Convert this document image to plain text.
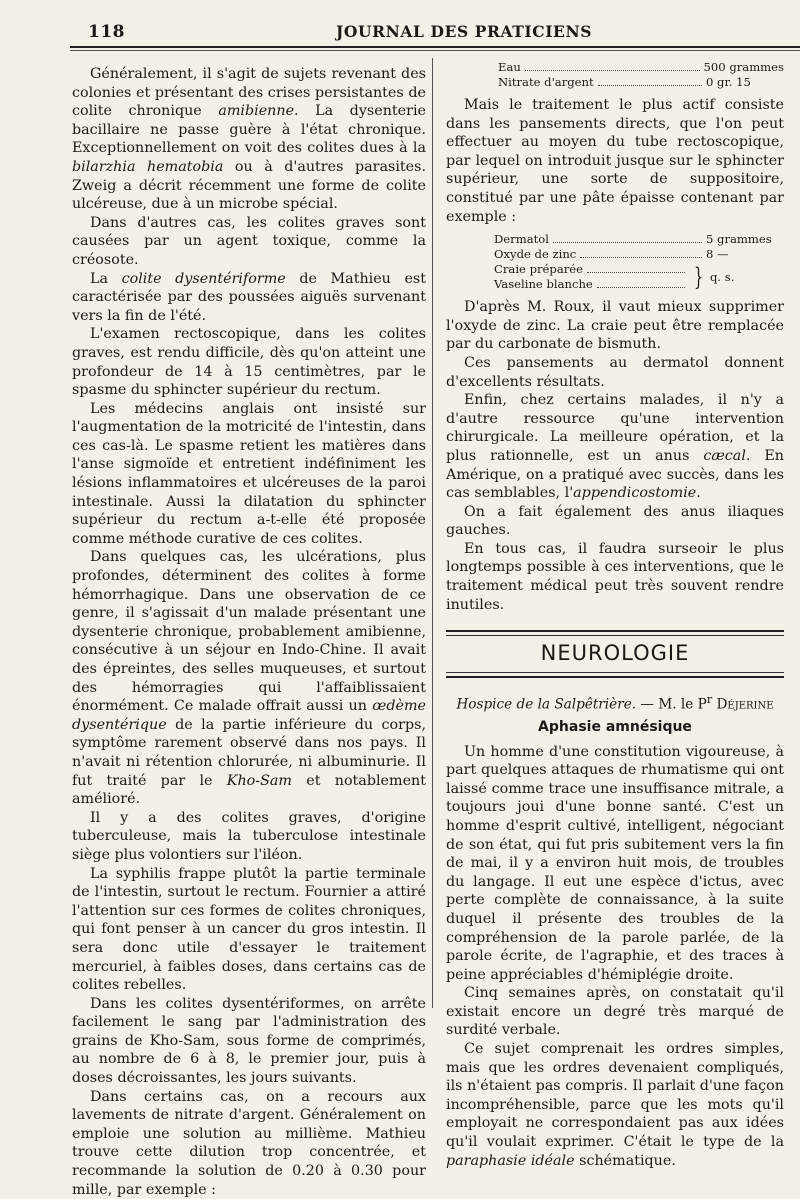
118	JOURNAL DES PRATICIENS

Généralement, il s'agit de sujets revenant des colonies et présentant des crises persistantes de colite chronique amibienne. La dysenterie bacillaire ne passe guère à l'état chronique. Exceptionnellement on voit des colites dues à la bilarzhia hematobia ou à d'autres parasites. Zweig a décrit récemment une forme de colite ulcéreuse, due à un microbe spécial.

Dans d'autres cas, les colites graves sont causées par un agent toxique, comme la créosote.

La colite dysentériforme de Mathieu est caractérisée par des poussées aiguës survenant vers la fin de l'été.

L'examen rectoscopique, dans les colites graves, est rendu difficile, dès qu'on atteint une profondeur de 14 à 15 centimètres, par le spasme du sphincter supérieur du rectum.

Les médecins anglais ont insisté sur l'augmentation de la motricité de l'intestin, dans ces cas-là. Le spasme retient les matières dans l'anse sigmoïde et entretient indéfiniment les lésions inflammatoires et ulcéreuses de la paroi intestinale. Aussi la dilatation du sphincter supérieur du rectum a-t-elle été proposée comme méthode curative de ces colites.

Dans quelques cas, les ulcérations, plus profondes, déterminent des colites à forme hémorrhagique. Dans une observation de ce genre, il s'agissait d'un malade présentant une dysenterie chronique, probablement amibienne, consécutive à un séjour en Indo-Chine. Il avait des épreintes, des selles muqueuses, et surtout des hémorragies qui l'affaiblissaient énormément. Ce malade offrait aussi un œdème dysentérique de la partie inférieure du corps, symptôme rarement observé dans nos pays. Il n'avait ni rétention chlorurée, ni albuminurie. Il fut traité par le Kho-Sam et notablement amélioré.

Il y a des colites graves, d'origine tuberculeuse, mais la tuberculose intestinale siège plus volontiers sur l'iléon.

La syphilis frappe plutôt la partie terminale de l'intestin, surtout le rectum. Fournier a attiré l'attention sur ces formes de colites chroniques, qui font penser à un cancer du gros intestin. Il sera donc utile d'essayer le traitement mercuriel, à faibles doses, dans certains cas de colites rebelles.

Dans les colites dysentériformes, on arrête facilement le sang par l'administration des grains de Kho-Sam, sous forme de comprimés, au nombre de 6 à 8, le premier jour, puis à doses décroissantes, les jours suivants.

Dans certains cas, on a recours aux lavements de nitrate d'argent. Généralement on emploie une solution au millième. Mathieu trouve cette dilution trop concentrée, et recommande la solution de 0.20 à 0.30 pour mille, par exemple :

Eau	500 grammes
Nitrate d'argent	0 gr. 15

Mais le traitement le plus actif consiste dans les pansements directs, que l'on peut effectuer au moyen du tube rectoscopique, par lequel on introduit jusque sur le sphincter supérieur, une sorte de suppositoire, constitué par une pâte épaisse contenant par exemple :

Dermatol	5 grammes
Oxyde de zinc	8 —
Craie préparée
Vaseline blanche	} q. s.

D'après M. Roux, il vaut mieux supprimer l'oxyde de zinc. La craie peut être remplacée par du carbonate de bismuth.

Ces pansements au dermatol donnent d'excellents résultats.

Enfin, chez certains malades, il n'y a d'autre ressource qu'une intervention chirurgicale. La meilleure opération, et la plus rationnelle, est un anus cæcal. En Amérique, on a pratiqué avec succès, dans les cas semblables, l'appendicostomie.

On a fait également des anus iliaques gauches.

En tous cas, il faudra surseoir le plus longtemps possible à ces interventions, que le traitement médical peut très souvent rendre inutiles.

NEUROLOGIE
Hospice de la Salpêtrière. — M. le $P^r$ Déjerine
Aphasie amnésique

Un homme d'une constitution vigoureuse, à part quelques attaques de rhumatisme qui ont laissé comme trace une insuffisance mitrale, a toujours joui d'une bonne santé. C'est un homme d'esprit cultivé, intelligent, négociant de son état, qui fut pris subitement vers la fin de mai, il y a environ huit mois, de troubles du langage. Il eut une espèce d'ictus, avec perte complète de connaissance, à la suite duquel il présente des troubles de la compréhension de la parole parlée, de la parole écrite, de l'agraphie, et des traces à peine appréciables d'hémiplégie droite.

Cinq semaines après, on constatait qu'il existait encore un degré très marqué de surdité verbale.

Ce sujet comprenait les ordres simples, mais que les ordres devenaient compliqués, ils n'étaient pas compris. Il parlait d'une façon incompréhensible, parce que les mots qu'il employait ne correspondaient pas aux idées qu'il voulait exprimer. C'était le type de la paraphasie idéale schématique.
